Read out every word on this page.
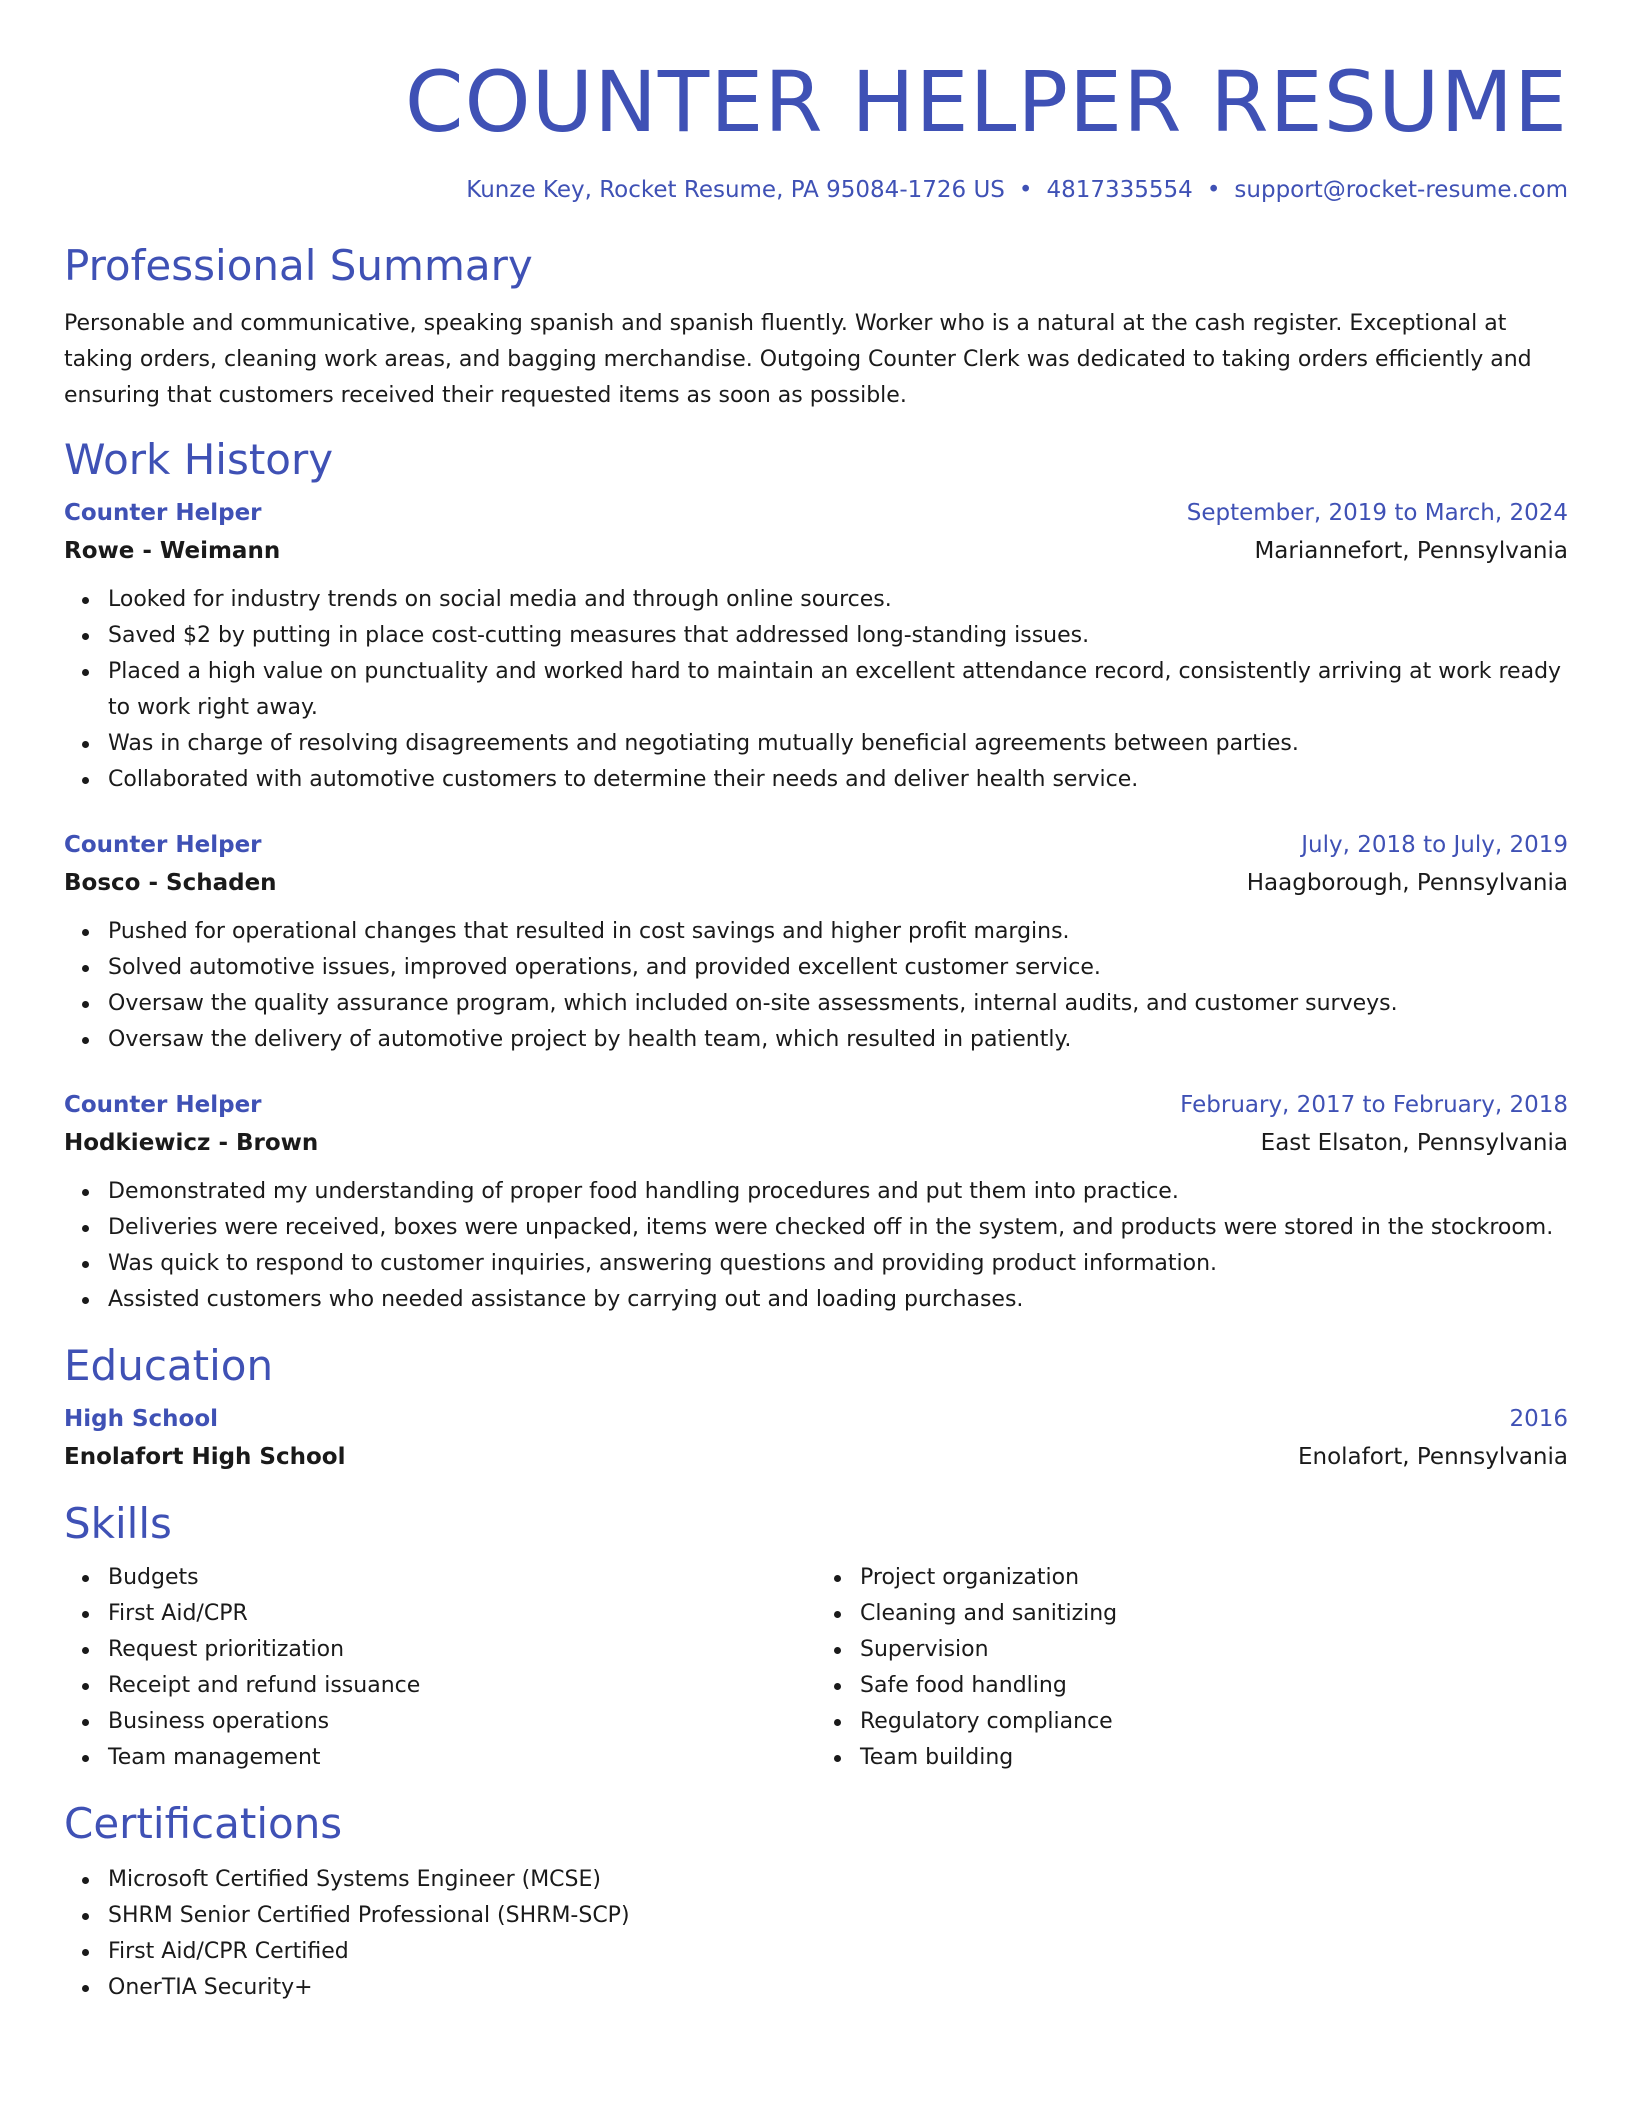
COUNTER HELPER RESUME
Kunze Key, Rocket Resume, PA 95084-1726 US • 4817335554 • support@rocket-resume.com
Professional Summary

Personable and communicative, speaking spanish and spanish fluently. Worker who is a natural at the cash register. Exceptional at taking orders, cleaning work areas, and bagging merchandise. Outgoing Counter Clerk was dedicated to taking orders efficiently and ensuring that customers received their requested items as soon as possible.

Work History
Counter Helper	September, 2019 to March, 2024
Rowe - Weimann	Mariannefort, Pennsylvania
Looked for industry trends on social media and through online sources.
Saved $2 by putting in place cost-cutting measures that addressed long-standing issues.
Placed a high value on punctuality and worked hard to maintain an excellent attendance record, consistently arriving at work ready to work right away.
Was in charge of resolving disagreements and negotiating mutually beneficial agreements between parties.
Collaborated with automotive customers to determine their needs and deliver health service.
Counter Helper	July, 2018 to July, 2019
Bosco - Schaden	Haagborough, Pennsylvania
Pushed for operational changes that resulted in cost savings and higher profit margins.
Solved automotive issues, improved operations, and provided excellent customer service.
Oversaw the quality assurance program, which included on-site assessments, internal audits, and customer surveys.
Oversaw the delivery of automotive project by health team, which resulted in patiently.
Counter Helper	February, 2017 to February, 2018
Hodkiewicz - Brown	East Elsaton, Pennsylvania
Demonstrated my understanding of proper food handling procedures and put them into practice.
Deliveries were received, boxes were unpacked, items were checked off in the system, and products were stored in the stockroom.
Was quick to respond to customer inquiries, answering questions and providing product information.
Assisted customers who needed assistance by carrying out and loading purchases.
Education
High School	2016
Enolafort High School	Enolafort, Pennsylvania
Skills
Budgets
First Aid/CPR
Request prioritization
Receipt and refund issuance
Business operations
Team management
Project organization
Cleaning and sanitizing
Supervision
Safe food handling
Regulatory compliance
Team building
Certifications
Microsoft Certified Systems Engineer (MCSE)
SHRM Senior Certified Professional (SHRM-SCP)
First Aid/CPR Certified
OnerTIA Security+
